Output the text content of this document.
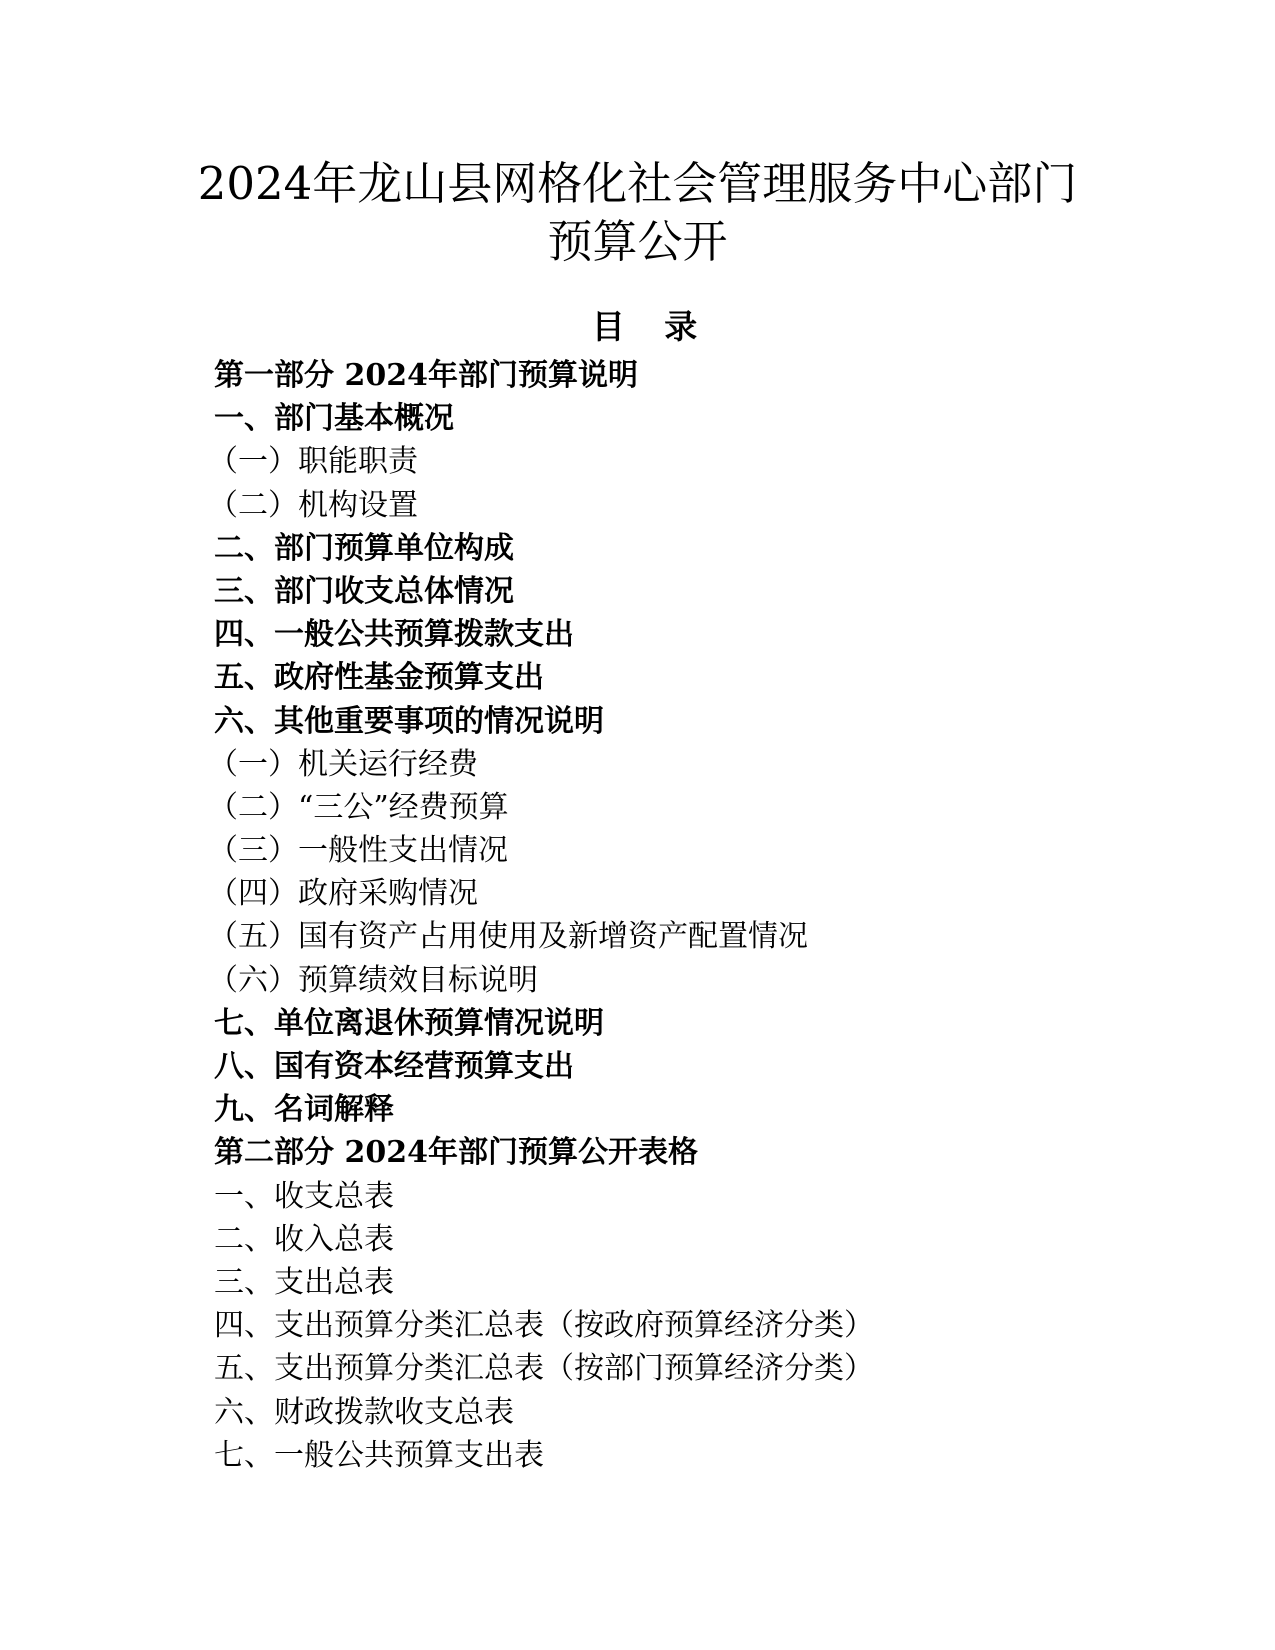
2024年龙山县网格化社会管理服务中心部门
预算公开
目 录
第一部分 2024年部门预算说明
一、部门基本概况
（一）职能职责
（二）机构设置
二、部门预算单位构成
三、部门收支总体情况
四、一般公共预算拨款支出
五、政府性基金预算支出
六、其他重要事项的情况说明
（一）机关运行经费
（二）“三公”经费预算
（三）一般性支出情况
（四）政府采购情况
（五）国有资产占用使用及新增资产配置情况
（六）预算绩效目标说明
七、单位离退休预算情况说明
八、国有资本经营预算支出
九、名词解释
第二部分 2024年部门预算公开表格
一、收支总表
二、收入总表
三、支出总表
四、支出预算分类汇总表（按政府预算经济分类）
五、支出预算分类汇总表（按部门预算经济分类）
六、财政拨款收支总表
七、一般公共预算支出表
